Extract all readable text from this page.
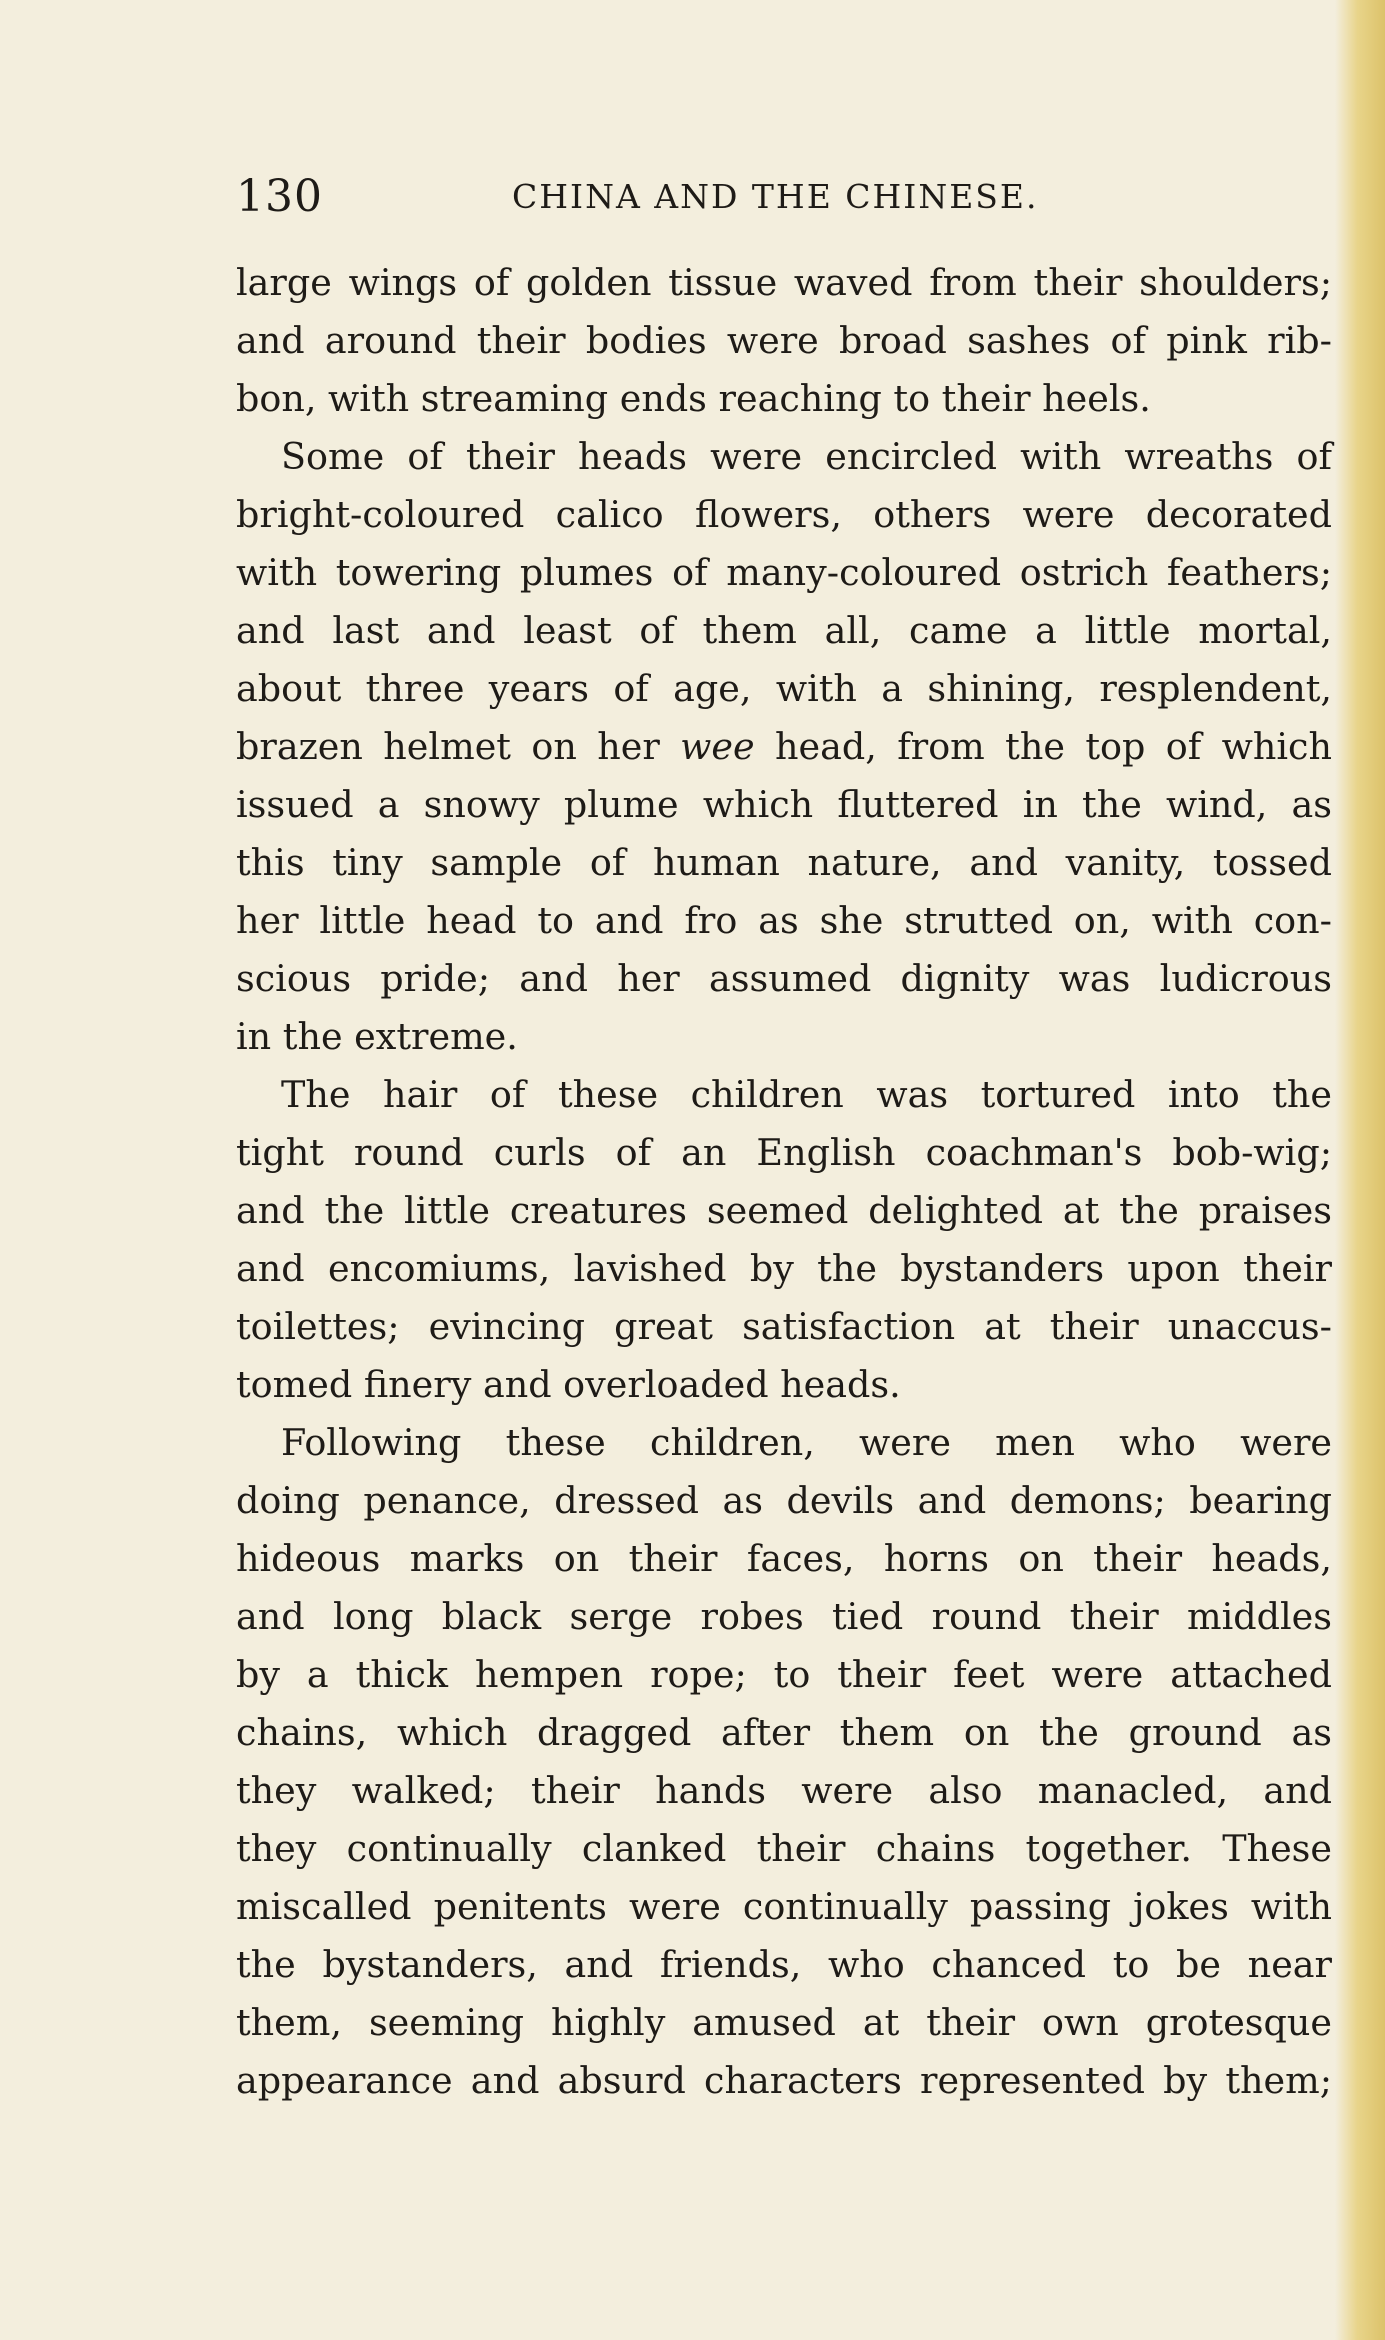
130	CHINA AND THE CHINESE.
large wings of golden tissue waved from their shoulders;
and around their bodies were broad sashes of pink rib-
bon, with streaming ends reaching to their heels.
Some of their heads were encircled with wreaths of
bright-coloured calico flowers, others were decorated
with towering plumes of many-coloured ostrich feathers;
and last and least of them all, came a little mortal,
about three years of age, with a shining, resplendent,
brazen helmet on her wee head, from the top of which
issued a snowy plume which fluttered in the wind, as
this tiny sample of human nature, and vanity, tossed
her little head to and fro as she strutted on, with con-
scious pride; and her assumed dignity was ludicrous
in the extreme.
The hair of these children was tortured into the
tight round curls of an English coachman's bob-wig;
and the little creatures seemed delighted at the praises
and encomiums, lavished by the bystanders upon their
toilettes; evincing great satisfaction at their unaccus-
tomed finery and overloaded heads.
Following these children, were men who were
doing penance, dressed as devils and demons; bearing
hideous marks on their faces, horns on their heads,
and long black serge robes tied round their middles
by a thick hempen rope; to their feet were attached
chains, which dragged after them on the ground as
they walked; their hands were also manacled, and
they continually clanked their chains together. These
miscalled penitents were continually passing jokes with
the bystanders, and friends, who chanced to be near
them, seeming highly amused at their own grotesque
appearance and absurd characters represented by them;
